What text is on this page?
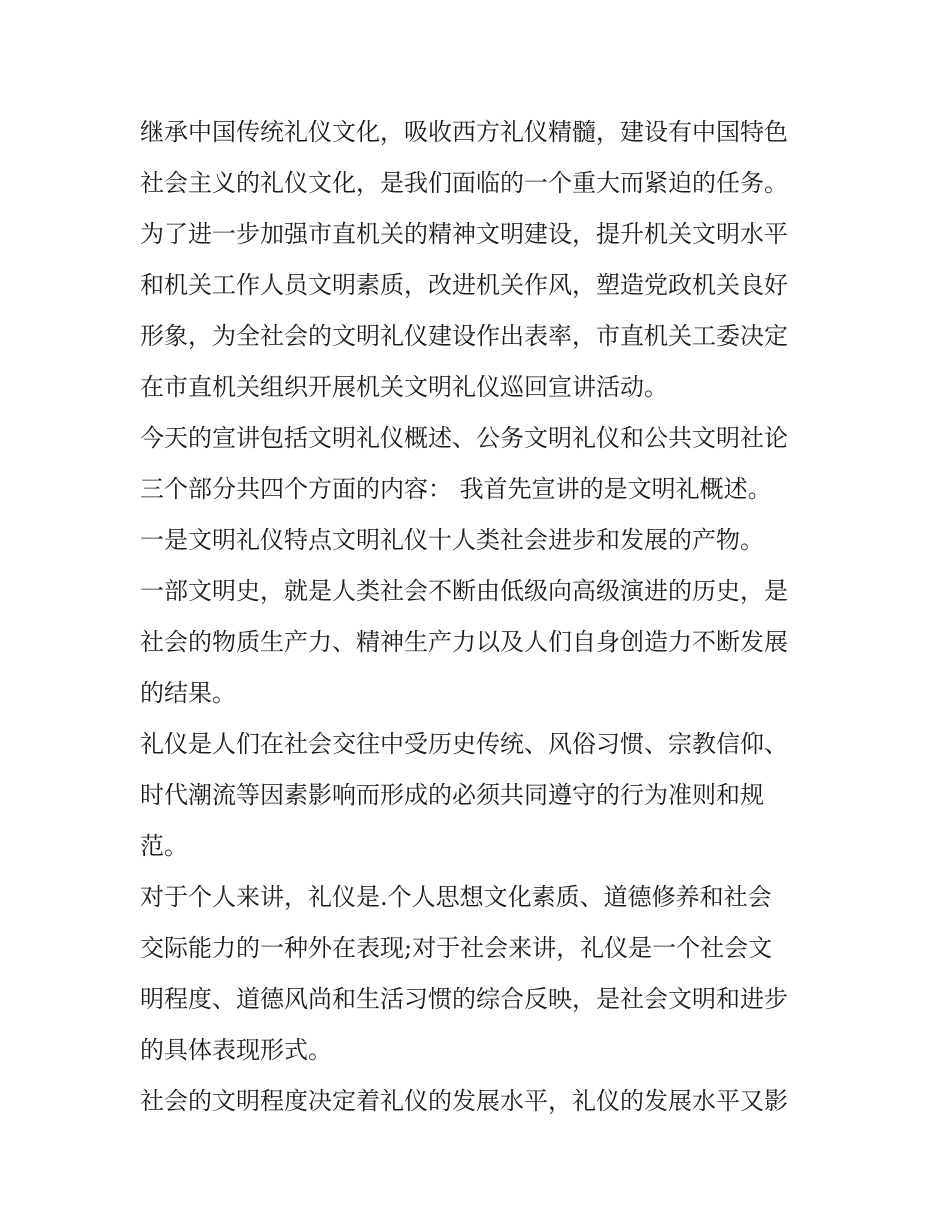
继承中国传统礼仪文化，吸收西方礼仪精髓，建设有中国特色
社会主义的礼仪文化，是我们面临的一个重大而紧迫的任务。

为了进一步加强市直机关的精神文明建设，提升机关文明水平
和机关工作人员文明素质，改进机关作风，塑造党政机关良好
形象，为全社会的文明礼仪建设作出表率，市直机关工委决定
在市直机关组织开展机关文明礼仪巡回宣讲活动。

今天的宣讲包括文明礼仪概述、公务文明礼仪和公共文明社论
三个部分共四个方面的内容： 我首先宣讲的是文明礼概述。

一是文明礼仪特点文明礼仪十人类社会进步和发展的产物。

一部文明史，就是人类社会不断由低级向高级演进的历史，是
社会的物质生产力、精神生产力以及人们自身创造力不断发展
的结果。

礼仪是人们在社会交往中受历史传统、风俗习惯、宗教信仰、
时代潮流等因素影响而形成的必须共同遵守的行为准则和规
范。

对于个人来讲，礼仪是.个人思想文化素质、道德修养和社会
交际能力的一种外在表现;对于社会来讲，礼仪是一个社会文
明程度、道德风尚和生活习惯的综合反映，是社会文明和进步
的具体表现形式。

社会的文明程度决定着礼仪的发展水平，礼仪的发展水平又影
